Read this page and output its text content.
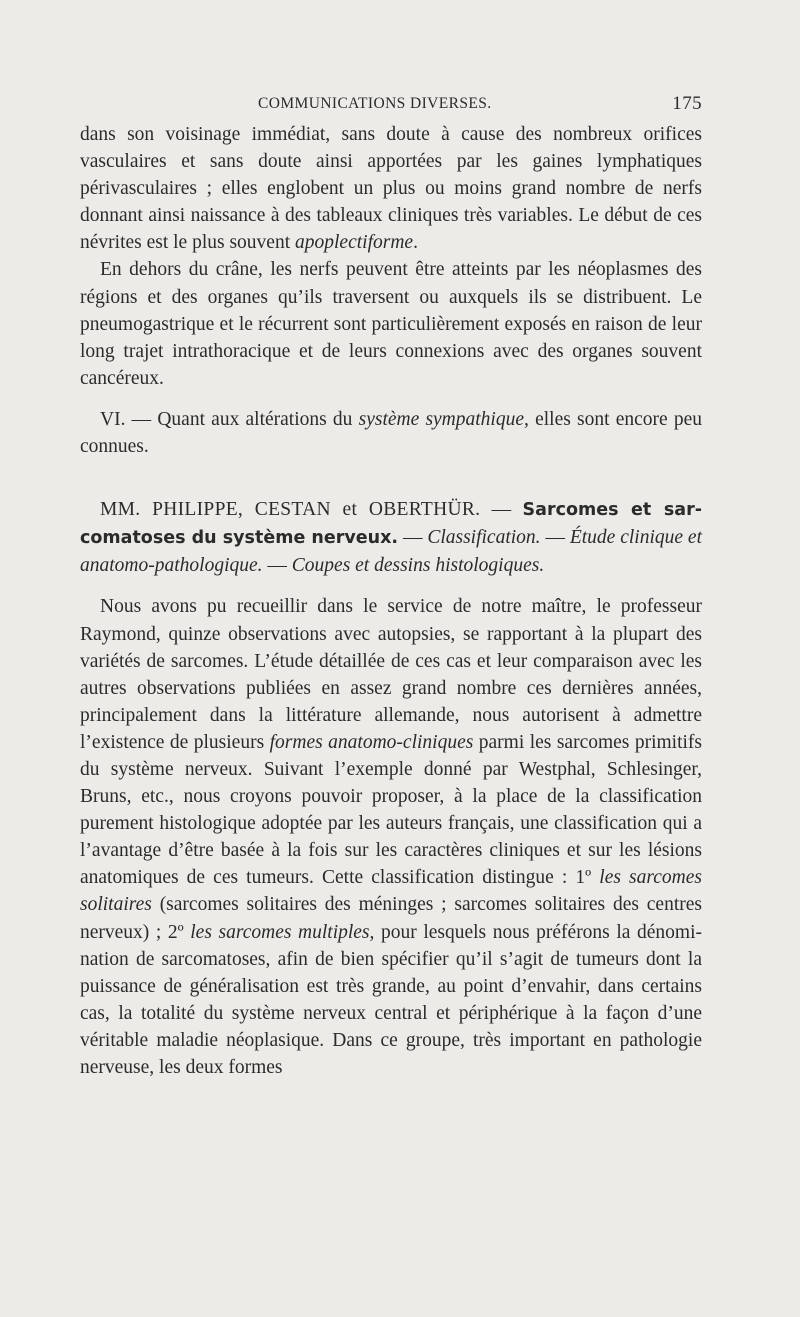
COMMUNICATIONS DIVERSES.	175

dans son voisinage immédiat, sans doute à cause des nombreux orifices vasculaires et sans doute ainsi apportées par les gaines lymphatiques périvasculaires ; elles englobent un plus ou moins grand nombre de nerfs donnant ainsi naissance à des tableaux cliniques très variables. Le début de ces névrites est le plus souvent apoplectiforme.

En dehors du crâne, les nerfs peuvent être atteints par les néoplasmes des régions et des organes qu’ils traversent ou auxquels ils se distribuent. Le pneumogastrique et le récurrent sont particulièrement exposés en raison de leur long trajet intrathoracique et de leurs connexions avec des organes souvent cancéreux.

VI. — Quant aux altérations du système sympathique, elles sont encore peu connues.

MM. PHILIPPE, CESTAN et OBERTHÜR. — Sarcomes et sarcomatoses du système nerveux. — Classification. — Étude clinique et anatomo-pathologique. — Coupes et dessins histologiques.

Nous avons pu recueillir dans le service de notre maître, le professeur Raymond, quinze observations avec autopsies, se rapportant à la plupart des variétés de sarcomes. L’étude détaillée de ces cas et leur comparaison avec les autres observations publiées en assez grand nombre ces dernières années, principalement dans la littérature allemande, nous autorisent à admettre l’existence de plusieurs formes anatomo-cliniques parmi les sarcomes primitifs du système nerveux. Suivant l’exemple donné par Westphal, Schlesinger, Bruns, etc., nous croyons pouvoir proposer, à la place de la classification purement histologique adoptée par les auteurs français, une classification qui a l’avantage d’être basée à la fois sur les caractères cliniques et sur les lésions anatomiques de ces tumeurs. Cette classification distingue : 1º les sarcomes solitaires (sarcomes solitaires des méninges ; sarcomes solitaires des centres nerveux) ; 2º les sarcomes multiples, pour lesquels nous préférons la dénomination de sarcomatoses, afin de bien spécifier qu’il s’agit de tumeurs dont la puissance de généralisation est très grande, au point d’envahir, dans certains cas, la totalité du système nerveux central et périphérique à la façon d’une véritable maladie néoplasique. Dans ce groupe, très important en pathologie nerveuse, les deux formes
